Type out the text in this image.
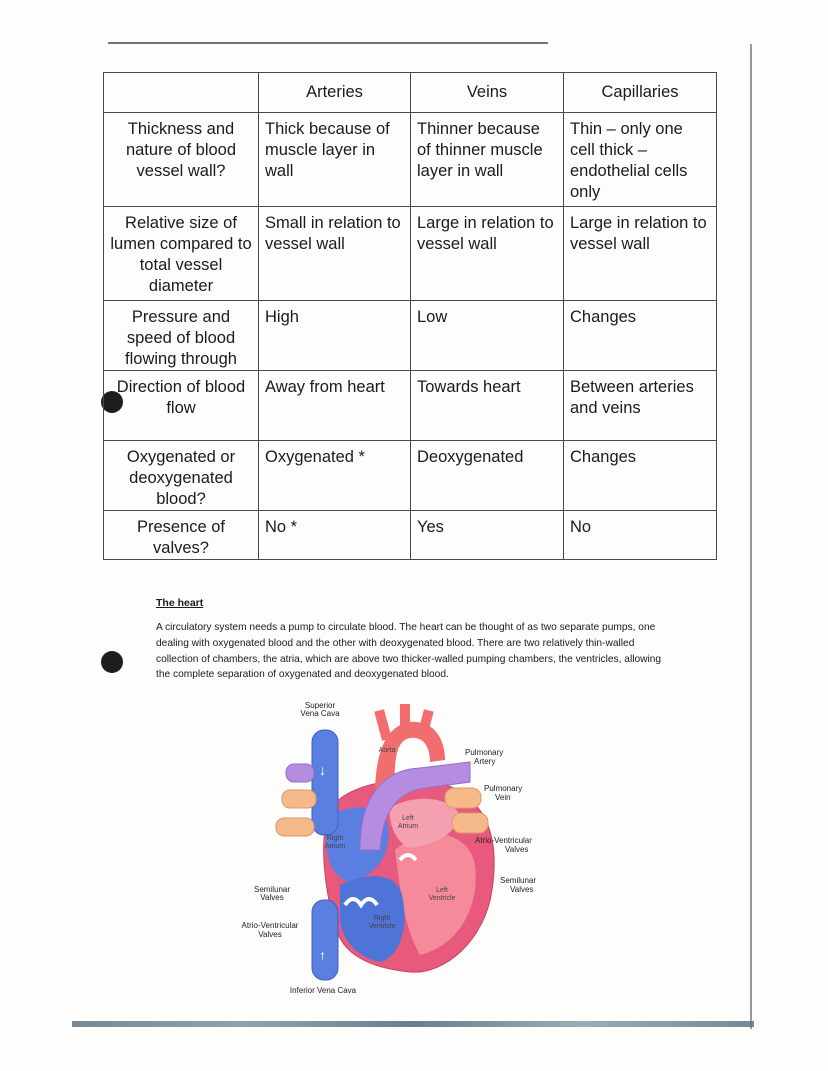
	Arteries	Veins	Capillaries
Thickness and nature of blood vessel wall?	Thick because of muscle layer in wall	Thinner because of thinner muscle layer in wall	Thin – only one cell thick – endothelial cells only
Relative size of lumen compared to total vessel diameter	Small in relation to vessel wall	Large in relation to vessel wall	Large in relation to vessel wall
Pressure and speed of blood flowing through	High	Low	Changes
Direction of blood flow	Away from heart	Towards heart	Between arteries and veins
Oxygenated or deoxygenated blood?	Oxygenated *	Deoxygenated	Changes
Presence of valves?	No *	Yes	No
The heart
A circulatory system needs a pump to circulate blood. The heart can be thought of as two separate pumps, one dealing with oxygenated blood and the other with deoxygenated blood. There are two relatively thin-walled collection of chambers, the atria, which are above two thicker-walled pumping chambers, the ventricles, allowing the complete separation of oxygenated and deoxygenated blood.
↓
↑
↑
Superior
Vena Cava
Aorta	Pulmonary
Artery
Pulmonary
Vein
Left
Atrium
Right
Atrium
Atrio-Ventricular
Valves
Semilunar
Valves
Left
Ventricle
Semilunar
Valves
Right
Ventricle
Atrio-Ventricular
Valves
Inferior Vena Cava
